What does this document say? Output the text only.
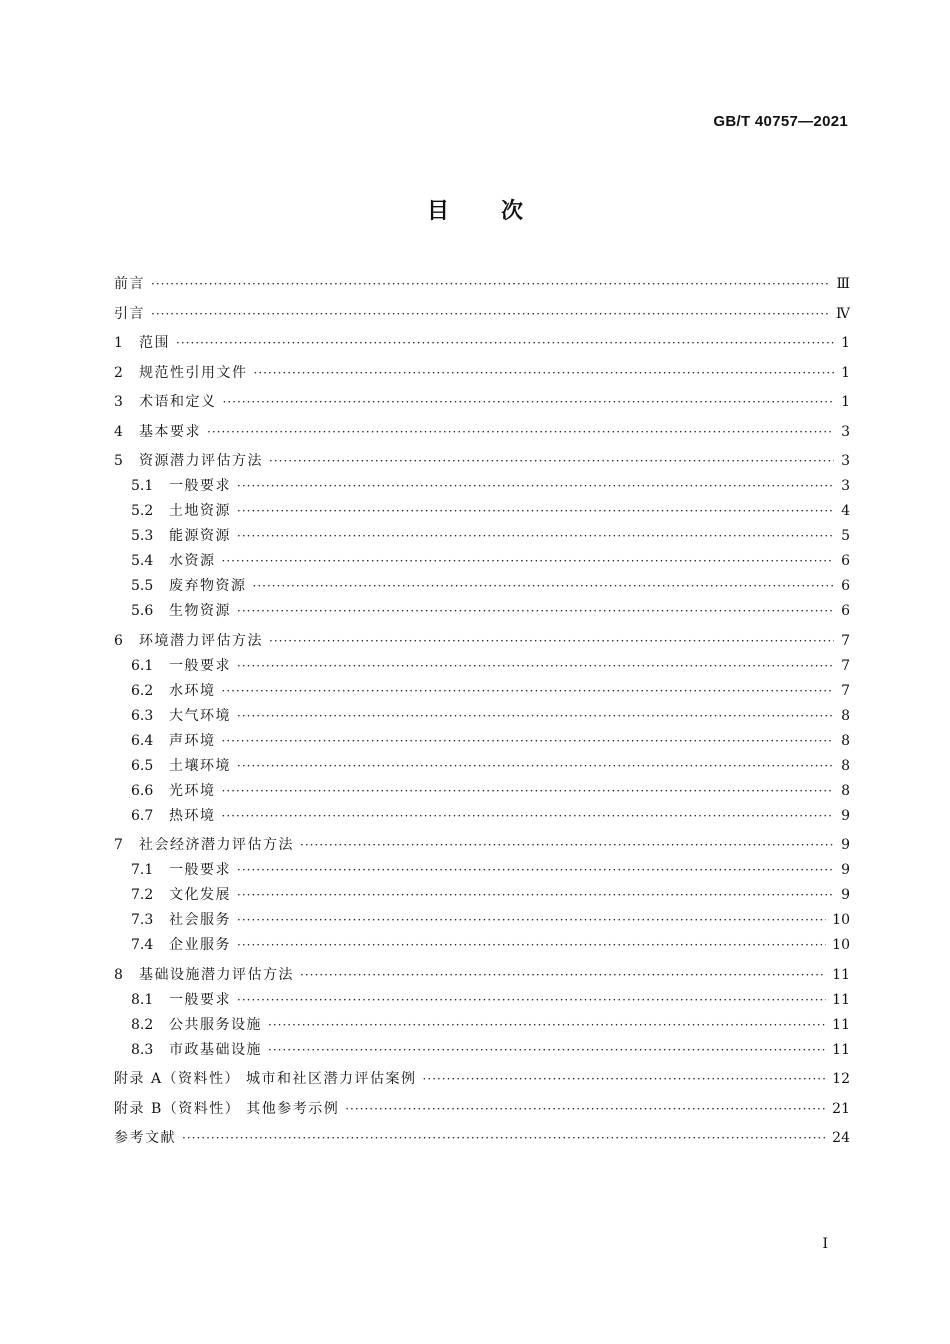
GB/T 40757—2021
目 次
前言 ·····	Ⅲ
引言 ·····	Ⅳ
1	范围 ·····	1
2	规范性引用文件 ·····	1
3	术语和定义 ·····	1
4	基本要求 ·····	3
5	资源潜力评估方法 ·····	3
5.1	一般要求 ·····	3
5.2	土地资源 ·····	4
5.3	能源资源 ·····	5
5.4	水资源 ·····	6
5.5	废弃物资源 ·····	6
5.6	生物资源 ·····	6
6	环境潜力评估方法 ·····	7
6.1	一般要求 ·····	7
6.2	水环境 ·····	7
6.3	大气环境 ·····	8
6.4	声环境 ·····	8
6.5	土壤环境 ·····	8
6.6	光环境 ·····	8
6.7	热环境 ·····	9
7	社会经济潜力评估方法 ·····	9
7.1	一般要求 ·····	9
7.2	文化发展 ·····	9
7.3	社会服务 ·····	10
7.4	企业服务 ·····	10
8	基础设施潜力评估方法 ·····	11
8.1	一般要求 ·····	11
8.2	公共服务设施 ·····	11
8.3	市政基础设施 ·····	11
附录 A（资料性） 城市和社区潜力评估案例 ·····	12
附录 B（资料性） 其他参考示例 ·····	21
参考文献 ·····	24
Ⅰ
